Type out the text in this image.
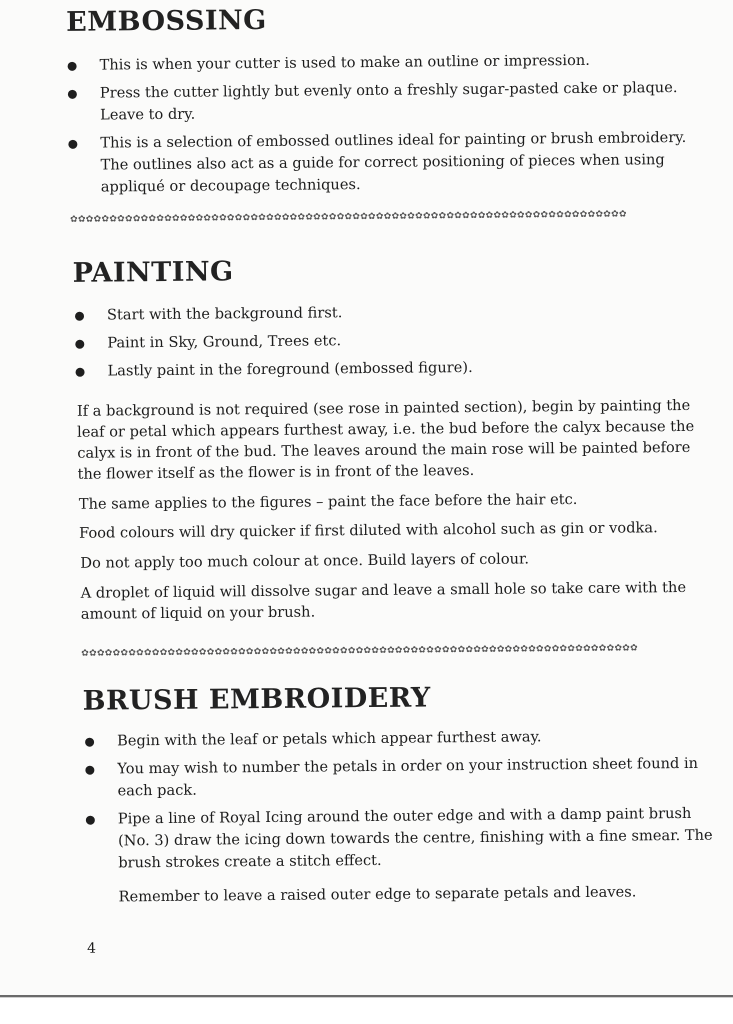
EMBOSSING
This is when your cutter is used to make an outline or impression.
Press the cutter lightly but evenly onto a freshly sugar-pasted cake or plaque. Leave to dry.
This is a selection of embossed outlines ideal for painting or brush embroidery. The outlines also act as a guide for correct positioning of pieces when using appliqué or decoupage techniques.
✿✿✿✿✿✿✿✿✿✿✿✿✿✿✿✿✿✿✿✿✿✿✿✿✿✿✿✿✿✿✿✿✿✿✿✿✿✿✿✿✿✿✿✿✿✿✿✿✿✿✿✿✿✿✿✿✿✿✿✿✿✿✿✿✿✿✿✿✿✿✿
PAINTING
Start with the background first.
Paint in Sky, Ground, Trees etc.
Lastly paint in the foreground (embossed figure).

If a background is not required (see rose in painted section), begin by painting the leaf or petal which appears furthest away, i.e. the bud before the calyx because the calyx is in front of the bud. The leaves around the main rose will be painted before the flower itself as the flower is in front of the leaves.

The same applies to the figures – paint the face before the hair etc.

Food colours will dry quicker if first diluted with alcohol such as gin or vodka.

Do not apply too much colour at once. Build layers of colour.

A droplet of liquid will dissolve sugar and leave a small hole so take care with the amount of liquid on your brush.

✿✿✿✿✿✿✿✿✿✿✿✿✿✿✿✿✿✿✿✿✿✿✿✿✿✿✿✿✿✿✿✿✿✿✿✿✿✿✿✿✿✿✿✿✿✿✿✿✿✿✿✿✿✿✿✿✿✿✿✿✿✿✿✿✿✿✿✿✿✿✿
BRUSH EMBROIDERY
Begin with the leaf or petals which appear furthest away.
You may wish to number the petals in order on your instruction sheet found in each pack.
Pipe a line of Royal Icing around the outer edge and with a damp paint brush (No. 3) draw the icing down towards the centre, finishing with a fine smear. The brush strokes create a stitch effect.

Remember to leave a raised outer edge to separate petals and leaves.

4
